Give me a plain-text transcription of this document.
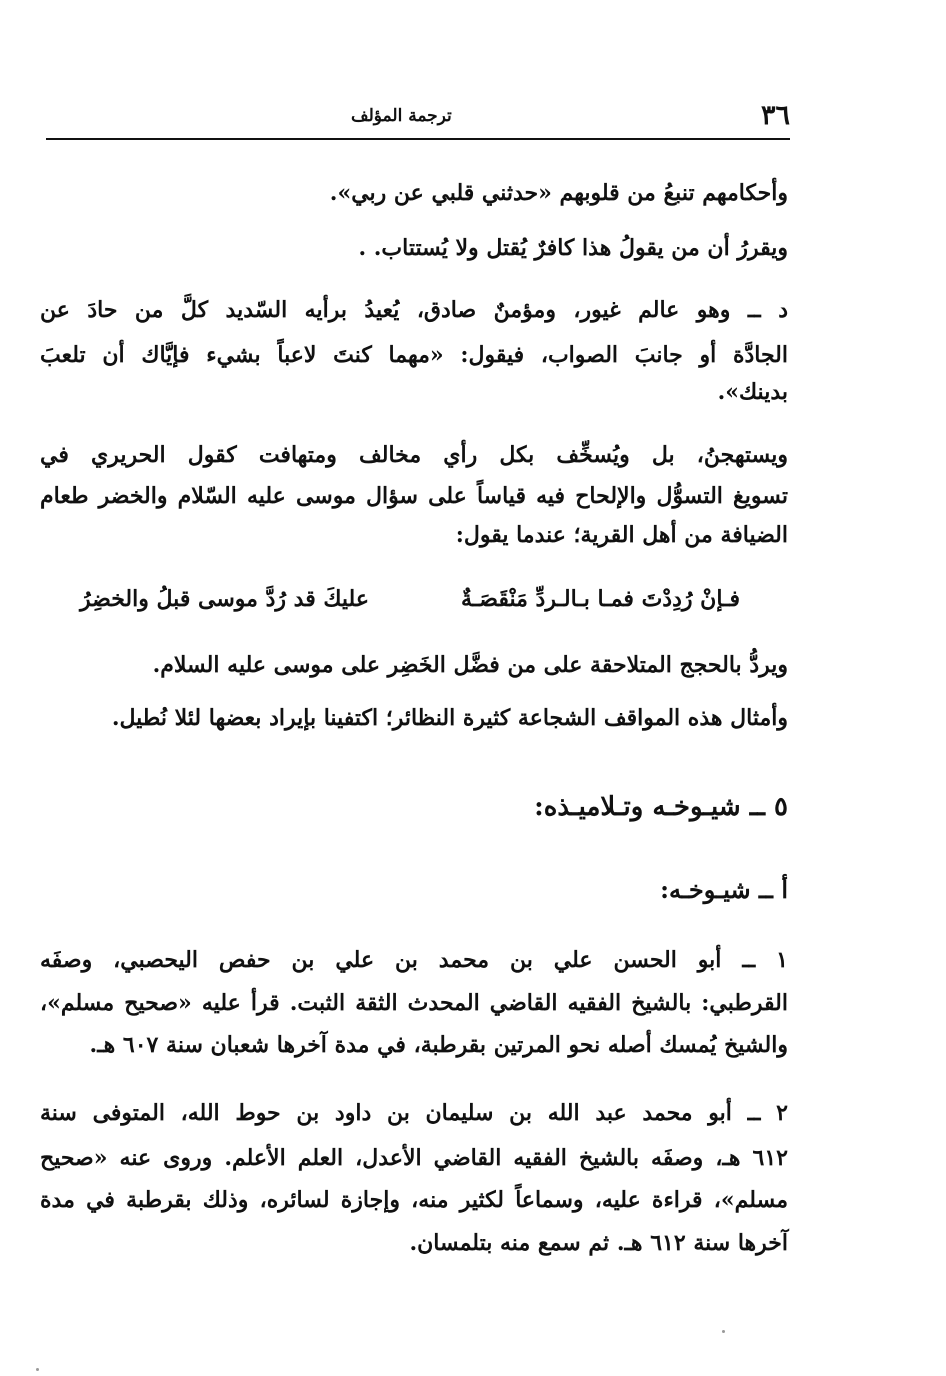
٣٦
ترجمة المؤلف
وأحكامهم تنبعُ من قلوبهم «حدثني قلبي عن ربي».
ويقررُ أن من يقولُ هذا كافرٌ يُقتل ولا يُستتاب. .
د ــ وهو عالم غيور، ومؤمنٌ صادق، يُعيدُ برأيه السّديد كلَّ من حادَ عن
الجادَّة أو جانبَ الصواب، فيقول: «مهما كنتَ لاعباً بشيء فإيَّاك أن تلعبَ
بدينك».
ويستهجنُ، بل ويُسخِّف بكل رأي مخالف ومتهافت كقول الحريري في
تسويغ التسوُّل والإلحاح فيه قياساً على سؤال موسى عليه السّلام والخضر طعام
الضيافة من أهل القرية؛ عندما يقول:
فـإنْ رُدِدْتَ فمـا بـالـردِّ مَنْقَصَـةٌ
عليكَ قد رُدَّ موسى قبلُ والخضِرُ
ويردُّ بالحجج المتلاحقة على من فضَّل الخَضِر على موسى عليه السلام.
وأمثال هذه المواقف الشجاعة كثيرة النظائر؛ اكتفينا بإيراد بعضها لئلا نُطيل.
٥ ــ شيـوخـه وتـلاميـذه:
أ ــ شيـوخـه:
١ ــ أبو الحسن علي بن محمد بن علي بن حفص اليحصبي، وصفَه
القرطبي: بالشيخ الفقيه القاضي المحدث الثقة الثبت. قرأ عليه «صحيح مسلم»،
والشيخ يُمسك أصله نحو المرتين بقرطبة، في مدة آخرها شعبان سنة ٦٠٧ هـ.
٢ ــ أبو محمد عبد الله بن سليمان بن داود بن حوط الله، المتوفى سنة
٦١٢ هـ، وصفَه بالشيخ الفقيه القاضي الأعدل، العلم الأعلم. وروى عنه «صحيح
مسلم»، قراءة عليه، وسماعاً لكثير منه، وإجازة لسائره، وذلك بقرطبة في مدة
آخرها سنة ٦١٢ هـ. ثم سمع منه بتلمسان.
